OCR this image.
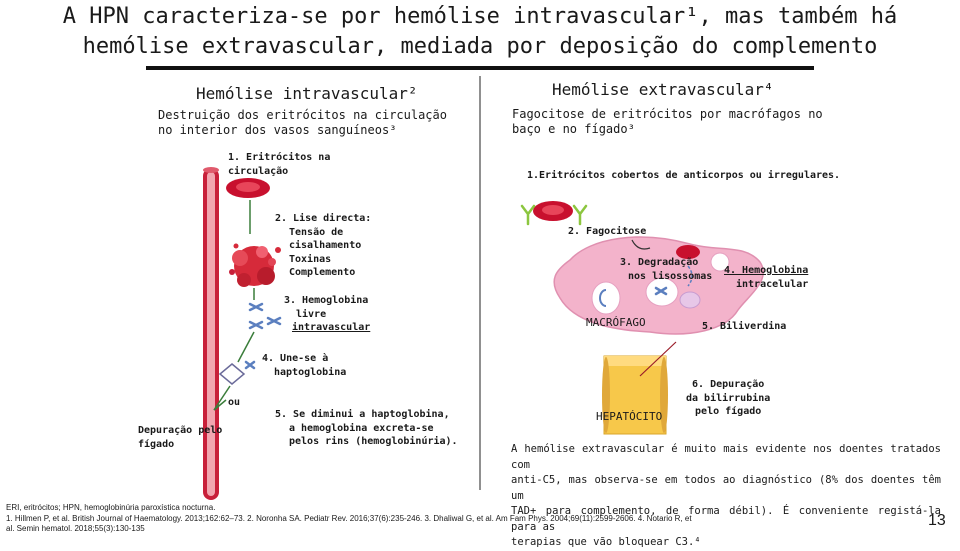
A HPN caracteriza-se por hemólise intravascular¹, mas também há
hemólise extravascular, mediada por deposição do complemento
Hemólise intravascular²
Destruição dos eritrócitos na circulação
no interior dos vasos sanguíneos³
1. Eritrócitos na
circulação
2. Lise directa:
Tensão de
cisalhamento
Toxinas
Complemento
3. Hemoglobina
livre
intravascular
4. Une-se à
haptoglobina
ou
Depuração pelo
fígado
5. Se diminui a haptoglobina,
a hemoglobina excreta-se
pelos rins (hemoglobinúria).
Hemólise extravascular⁴
Fagocitose de eritrócitos por macrófagos no
baço e no fígado³
1.Eritrócitos cobertos de anticorpos ou irregulares.
2. Fagocitose
3. Degradação
nos lisossomas 4. Hemoglobina
intracelular
MACRÓFAGO	5. Biliverdina
HEPATÓCITO
6. Depuração
da bilirrubina
pelo fígado
A hemólise extravascular é muito mais evidente nos doentes tratados com
anti-C5, mas observa-se em todos ao diagnóstico (8% dos doentes têm um
TAD+ para complemento, de forma débil). É conveniente registá-la para as
terapias que vão bloquear C3.⁴
ERI, eritrócitos; HPN, hemoglobinúria paroxística nocturna.
1. Hillmen P, et al. British Journal of Haematology. 2013;162:62–73. 2. Noronha SA. Pediatr Rev. 2016;37(6):235-246. 3. Dhaliwal G, et al. Am Fam Phys. 2004;69(11):2599-2606. 4. Notario R, et
al. Semin hematol. 2018;55(3):130-135	13
